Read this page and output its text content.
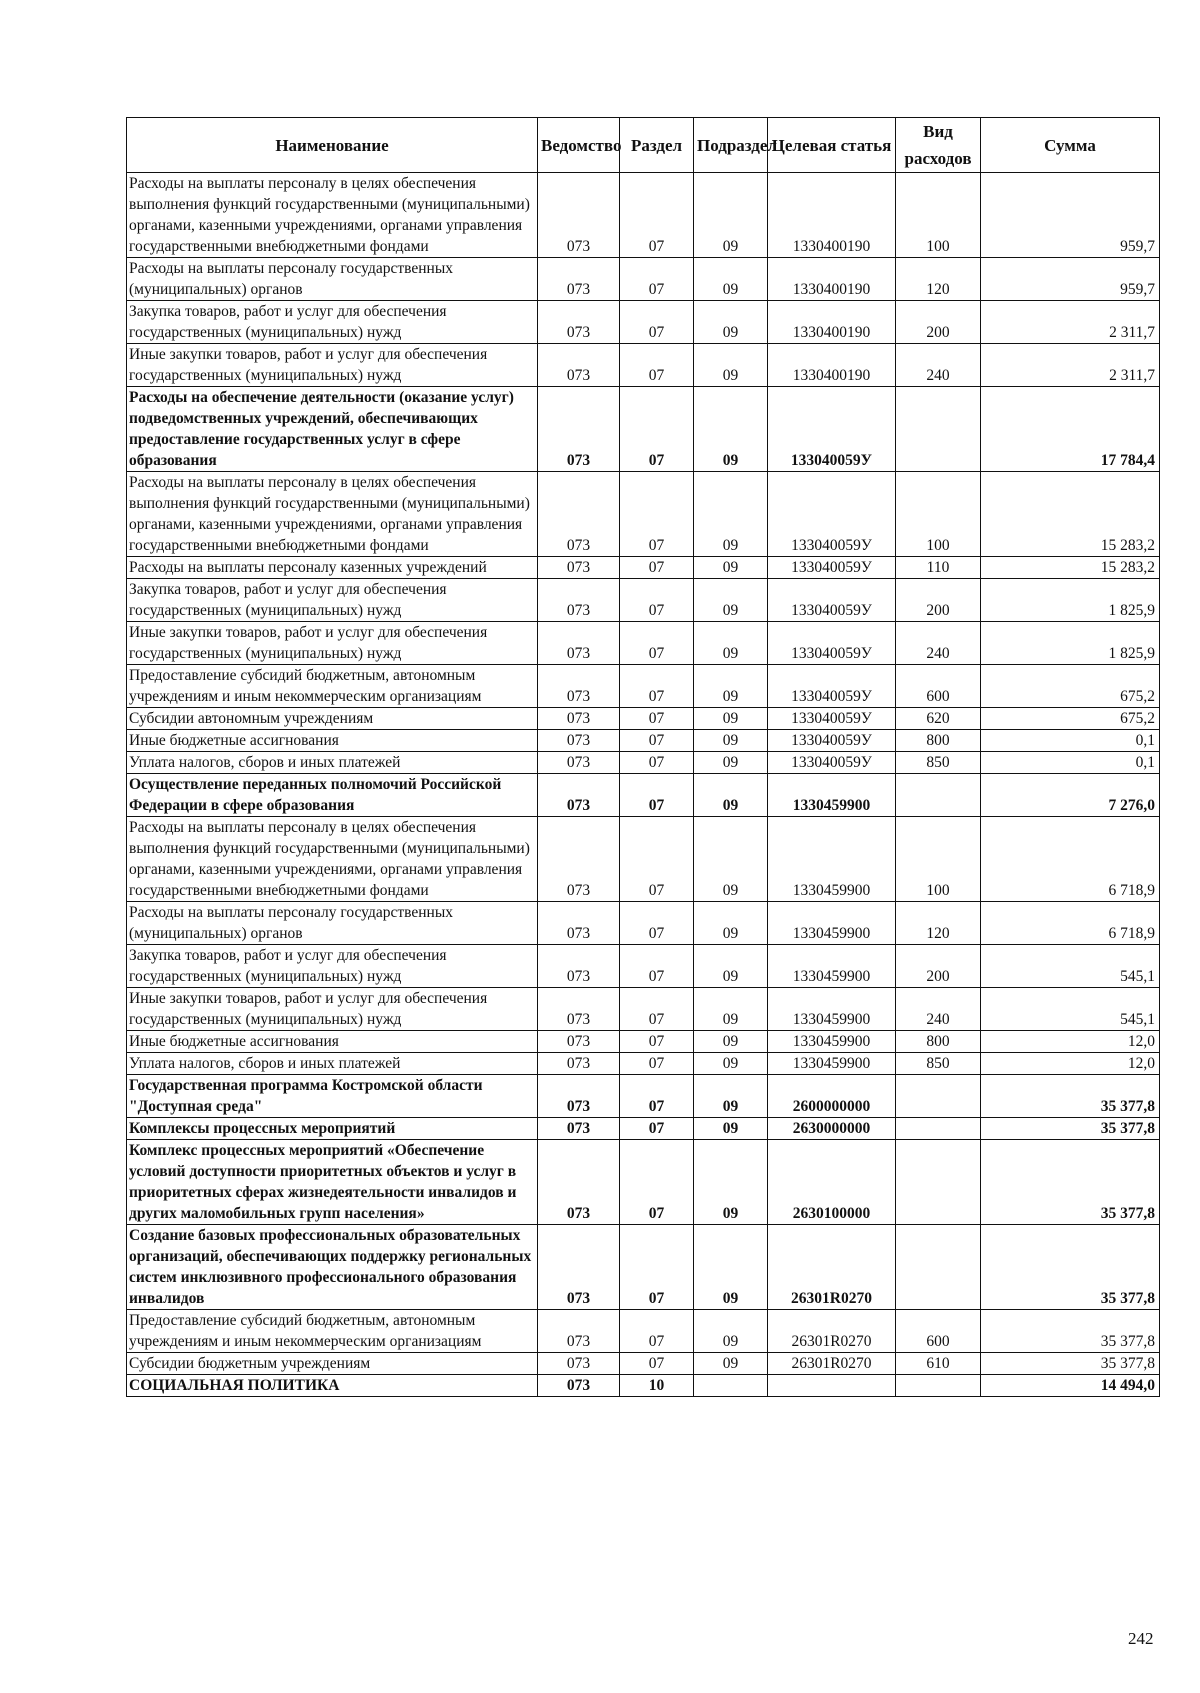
Наименование	Ведомство	Раздел	Подраздел	Целевая статья	Вид расходов	Сумма
Расходы на выплаты персоналу в целях обеспечения выполнения функций государственными (муниципальными) органами, казенными учреждениями, органами управления государственными внебюджетными фондами	073	07	09	1330400190	100	959,7
Расходы на выплаты персоналу государственных (муниципальных) органов	073	07	09	1330400190	120	959,7
Закупка товаров, работ и услуг для обеспечения государственных (муниципальных) нужд	073	07	09	1330400190	200	2 311,7
Иные закупки товаров, работ и услуг для обеспечения государственных (муниципальных) нужд	073	07	09	1330400190	240	2 311,7
Расходы на обеспечение деятельности (оказание услуг) подведомственных учреждений, обеспечивающих предоставление государственных услуг в сфере образования	073	07	09	133040059У		17 784,4
Расходы на выплаты персоналу в целях обеспечения выполнения функций государственными (муниципальными) органами, казенными учреждениями, органами управления государственными внебюджетными фондами	073	07	09	133040059У	100	15 283,2
Расходы на выплаты персоналу казенных учреждений	073	07	09	133040059У	110	15 283,2
Закупка товаров, работ и услуг для обеспечения государственных (муниципальных) нужд	073	07	09	133040059У	200	1 825,9
Иные закупки товаров, работ и услуг для обеспечения государственных (муниципальных) нужд	073	07	09	133040059У	240	1 825,9
Предоставление субсидий бюджетным, автономным учреждениям и иным некоммерческим организациям	073	07	09	133040059У	600	675,2
Субсидии автономным учреждениям	073	07	09	133040059У	620	675,2
Иные бюджетные ассигнования	073	07	09	133040059У	800	0,1
Уплата налогов, сборов и иных платежей	073	07	09	133040059У	850	0,1
Осуществление переданных полномочий Российской Федерации в сфере образования	073	07	09	1330459900		7 276,0
Расходы на выплаты персоналу в целях обеспечения выполнения функций государственными (муниципальными) органами, казенными учреждениями, органами управления государственными внебюджетными фондами	073	07	09	1330459900	100	6 718,9
Расходы на выплаты персоналу государственных (муниципальных) органов	073	07	09	1330459900	120	6 718,9
Закупка товаров, работ и услуг для обеспечения государственных (муниципальных) нужд	073	07	09	1330459900	200	545,1
Иные закупки товаров, работ и услуг для обеспечения государственных (муниципальных) нужд	073	07	09	1330459900	240	545,1
Иные бюджетные ассигнования	073	07	09	1330459900	800	12,0
Уплата налогов, сборов и иных платежей	073	07	09	1330459900	850	12,0
Государственная программа Костромской области "Доступная среда"	073	07	09	2600000000		35 377,8
Комплексы процессных мероприятий	073	07	09	2630000000		35 377,8
Комплекс процессных мероприятий «Обеспечение условий доступности приоритетных объектов и услуг в приоритетных сферах жизнедеятельности инвалидов и других маломобильных групп населения»	073	07	09	2630100000		35 377,8
Создание базовых профессиональных образовательных организаций, обеспечивающих поддержку региональных систем инклюзивного профессионального образования инвалидов	073	07	09	26301R0270		35 377,8
Предоставление субсидий бюджетным, автономным учреждениям и иным некоммерческим организациям	073	07	09	26301R0270	600	35 377,8
Субсидии бюджетным учреждениям	073	07	09	26301R0270	610	35 377,8
СОЦИАЛЬНАЯ ПОЛИТИКА	073	10				14 494,0
242
